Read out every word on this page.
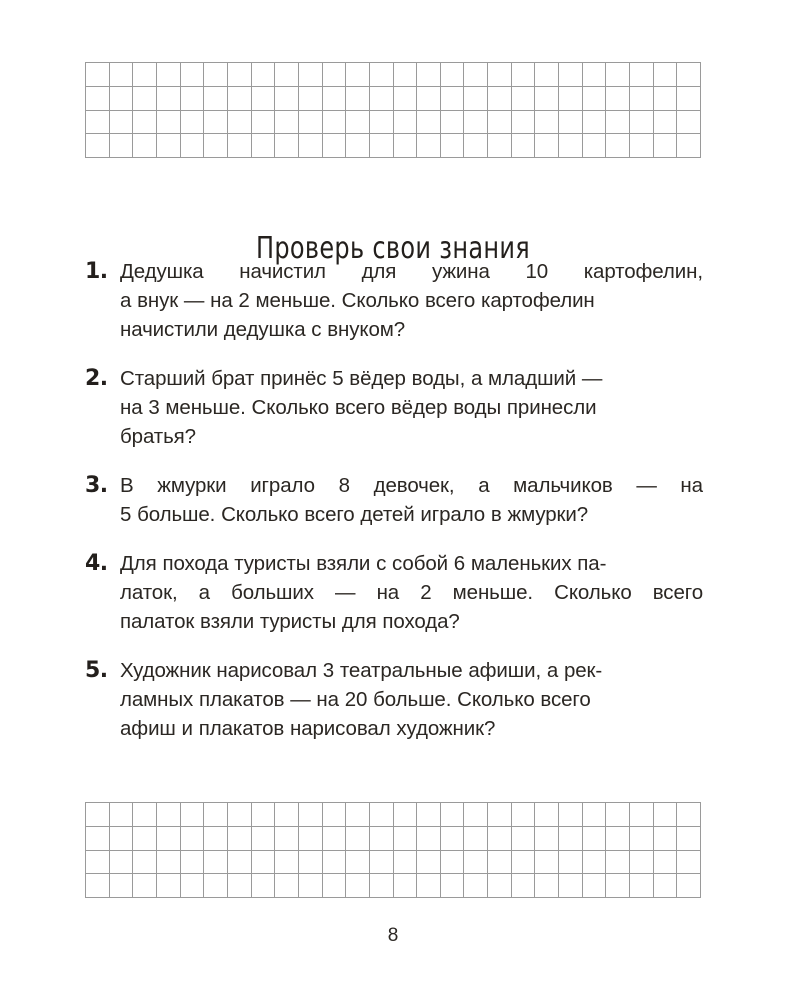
Проверь свои знания
1. Дедушка начистил для ужина 10 картофелин,
а внук — на 2 меньше. Сколько всего картофелин
начистили дедушка с внуком?
2. Старший брат принёс 5 вёдер воды, а младший —
на 3 меньше. Сколько всего вёдер воды принесли
братья?
3. В жмурки играло 8 девочек, а мальчиков — на
5 больше. Сколько всего детей играло в жмурки?
4. Для похода туристы взяли с собой 6 маленьких па-
латок, а больших — на 2 меньше. Сколько всего
палаток взяли туристы для похода?
5. Художник нарисовал 3 театральные афиши, а рек-
ламных плакатов — на 20 больше. Сколько всего
афиш и плакатов нарисовал художник?
8
